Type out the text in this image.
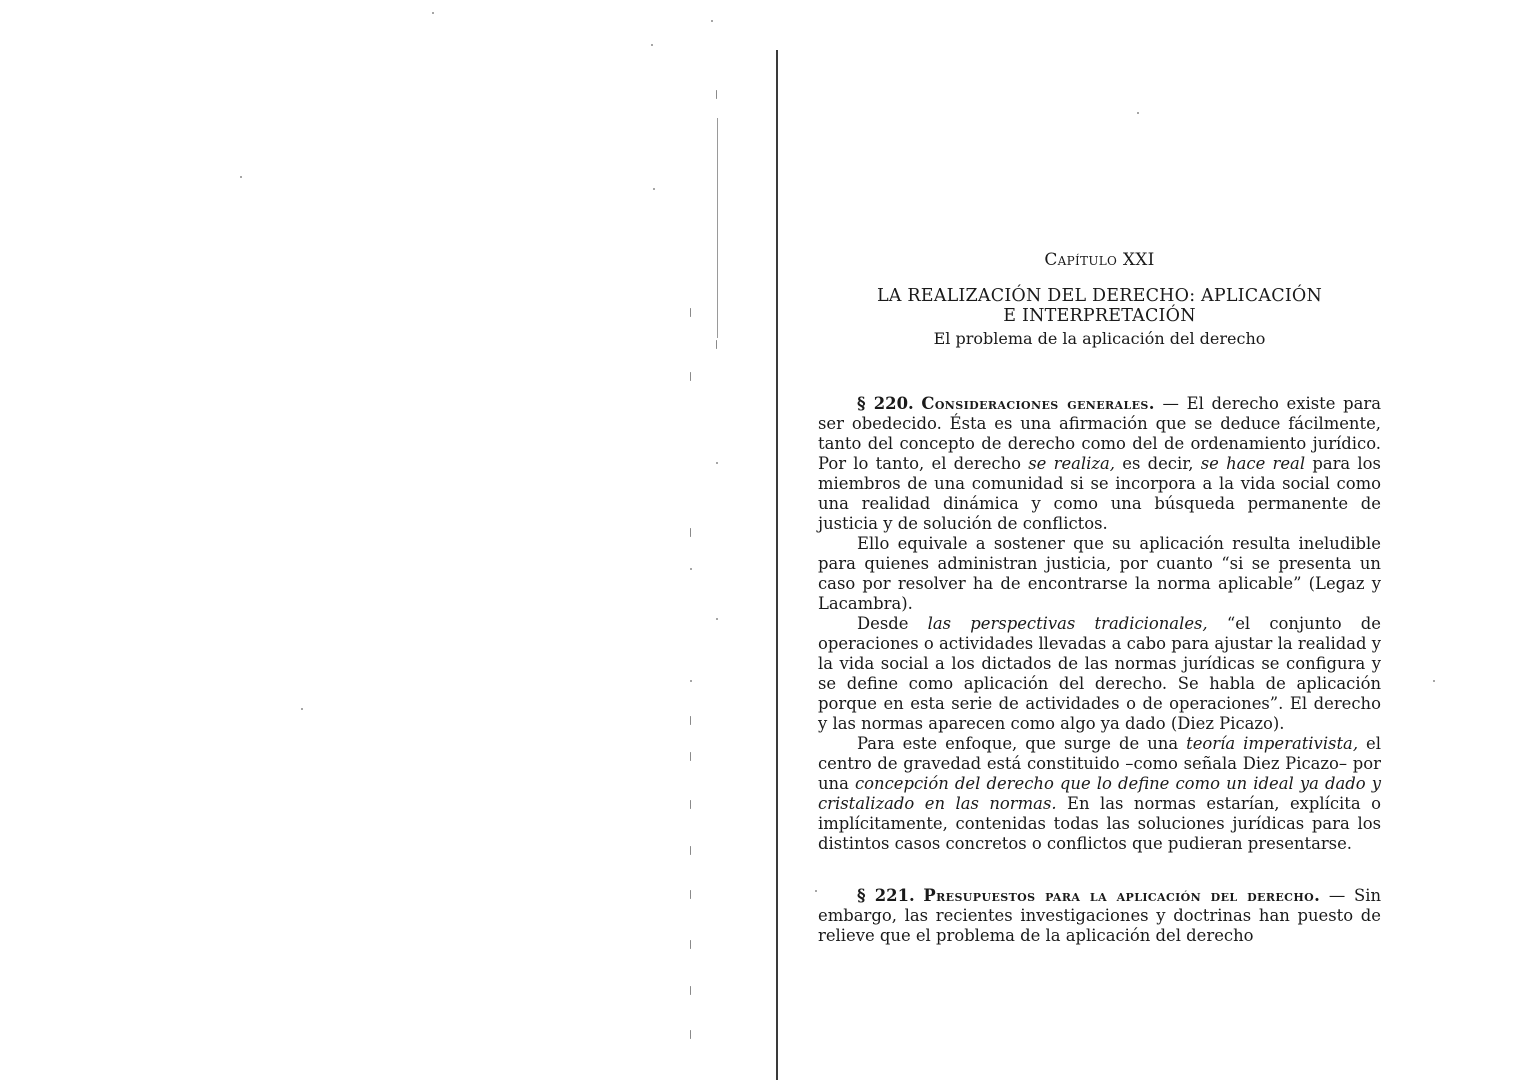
Capítulo XXI
LA REALIZACIÓN DEL DERECHO: APLICACIÓN
E INTERPRETACIÓN
El problema de la aplicación del derecho

§ 220. Consideraciones generales. — El derecho existe para ser obedecido. Ésta es una afirmación que se deduce fácilmente, tanto del concepto de derecho como del de ordenamiento jurídico. Por lo tanto, el derecho se realiza, es decir, se hace real para los miembros de una comunidad si se incorpora a la vida social como una realidad dinámica y como una búsqueda permanente de justicia y de solución de conflictos.

Ello equivale a sostener que su aplicación resulta ineludible para quienes administran justicia, por cuanto “si se presenta un caso por resolver ha de encontrarse la norma aplicable” (Legaz y Lacambra).

Desde las perspectivas tradicionales, “el conjunto de operaciones o actividades llevadas a cabo para ajustar la realidad y la vida social a los dictados de las normas jurídicas se configura y se define como aplicación del derecho. Se habla de aplicación porque en esta serie de actividades o de operaciones”. El derecho y las normas aparecen como algo ya dado (Diez Picazo).

Para este enfoque, que surge de una teoría imperativista, el centro de gravedad está constituido –como señala Diez Picazo– por una concepción del derecho que lo define como un ideal ya dado y cristalizado en las normas. En las normas estarían, explícita o implícitamente, contenidas todas las soluciones jurídicas para los distintos casos concretos o conflictos que pudieran presentarse.

§ 221. Presupuestos para la aplicación del derecho. — Sin embargo, las recientes investigaciones y doctrinas han puesto de relieve que el problema de la aplicación del derecho
